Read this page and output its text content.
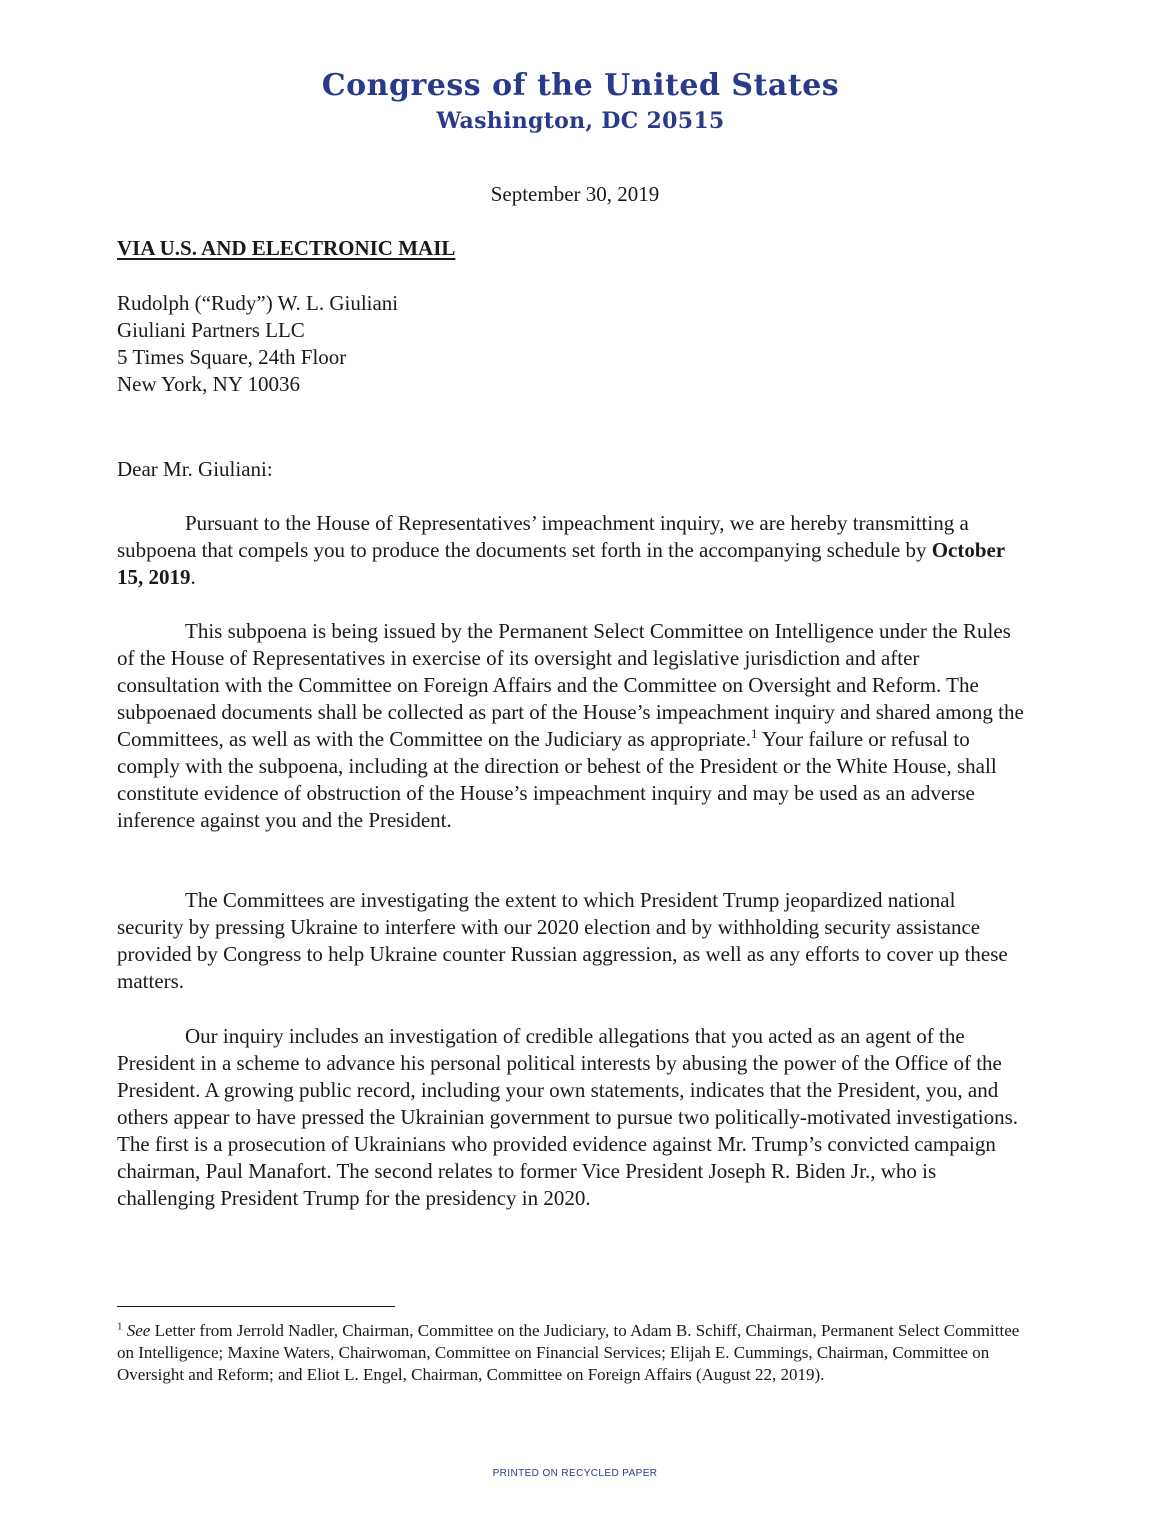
Congress of the United States
Washington, DC 20515
September 30, 2019
VIA U.S. AND ELECTRONIC MAIL
Rudolph (“Rudy”) W. L. Giuliani
Giuliani Partners LLC
5 Times Square, 24th Floor
New York, NY 10036
Dear Mr. Giuliani:
Pursuant to the House of Representatives’ impeachment inquiry, we are hereby transmitting a subpoena that compels you to produce the documents set forth in the accompanying schedule by October 15, 2019.
This subpoena is being issued by the Permanent Select Committee on Intelligence under the Rules of the House of Representatives in exercise of its oversight and legislative jurisdiction and after consultation with the Committee on Foreign Affairs and the Committee on Oversight and Reform. The subpoenaed documents shall be collected as part of the House’s impeachment inquiry and shared among the Committees, as well as with the Committee on the Judiciary as appropriate.$^1$ Your failure or refusal to comply with the subpoena, including at the direction or behest of the President or the White House, shall constitute evidence of obstruction of the House’s impeachment inquiry and may be used as an adverse inference against you and the President.
The Committees are investigating the extent to which President Trump jeopardized national security by pressing Ukraine to interfere with our 2020 election and by withholding security assistance provided by Congress to help Ukraine counter Russian aggression, as well as any efforts to cover up these matters.
Our inquiry includes an investigation of credible allegations that you acted as an agent of the President in a scheme to advance his personal political interests by abusing the power of the Office of the President. A growing public record, including your own statements, indicates that the President, you, and others appear to have pressed the Ukrainian government to pursue two politically-motivated investigations. The first is a prosecution of Ukrainians who provided evidence against Mr. Trump’s convicted campaign chairman, Paul Manafort. The second relates to former Vice President Joseph R. Biden Jr., who is challenging President Trump for the presidency in 2020.
$^1$ See Letter from Jerrold Nadler, Chairman, Committee on the Judiciary, to Adam B. Schiff, Chairman, Permanent Select Committee on Intelligence; Maxine Waters, Chairwoman, Committee on Financial Services; Elijah E. Cummings, Chairman, Committee on Oversight and Reform; and Eliot L. Engel, Chairman, Committee on Foreign Affairs (August 22, 2019).
PRINTED ON RECYCLED PAPER
